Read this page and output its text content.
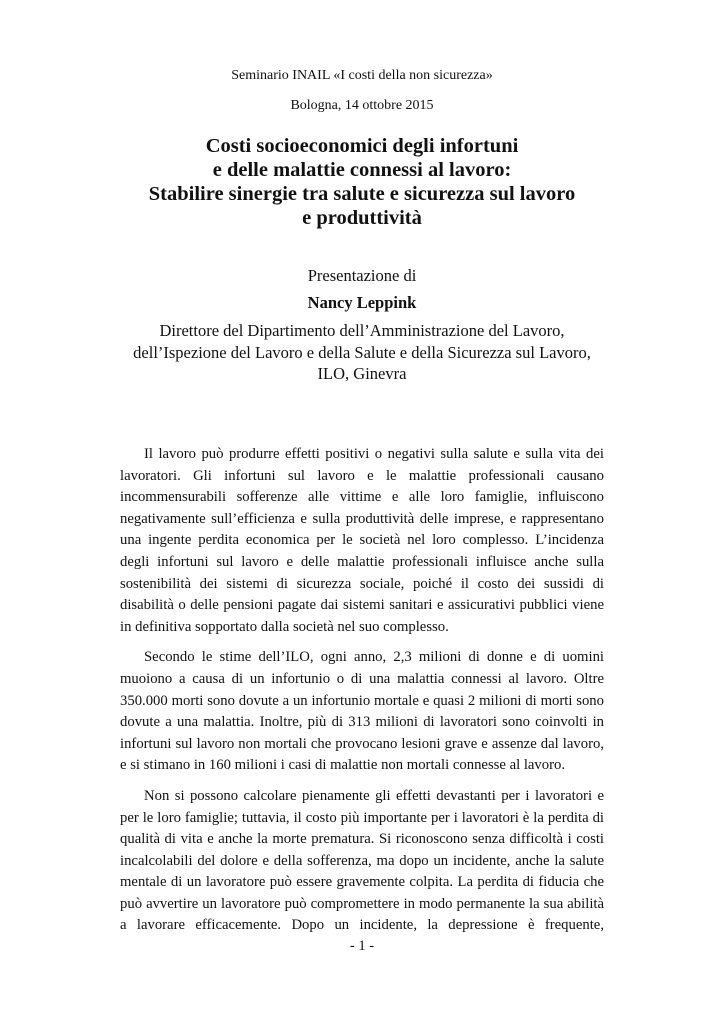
Seminario INAIL «I costi della non sicurezza»
Bologna, 14 ottobre 2015
Costi socioeconomici degli infortuni
e delle malattie connessi al lavoro:
Stabilire sinergie tra salute e sicurezza sul lavoro
e produttività
Presentazione di
Nancy Leppink
Direttore del Dipartimento dell’Amministrazione del Lavoro,
dell’Ispezione del Lavoro e della Salute e della Sicurezza sul Lavoro,
ILO, Ginevra

Il lavoro può produrre effetti positivi o negativi sulla salute e sulla vita dei lavoratori. Gli infortuni sul lavoro e le malattie professionali causano incommensurabili sofferenze alle vittime e alle loro famiglie, influiscono negativamente sull’efficienza e sulla produttività delle imprese, e rappresentano una ingente perdita economica per le società nel loro complesso. L’incidenza degli infortuni sul lavoro e delle malattie professionali influisce anche sulla sostenibilità dei sistemi di sicurezza sociale, poiché il costo dei sussidi di disabilità o delle pensioni pagate dai sistemi sanitari e assicurativi pubblici viene in definitiva sopportato dalla società nel suo complesso.

Secondo le stime dell’ILO, ogni anno, 2,3 milioni di donne e di uomini muoiono a causa di un infortunio o di una malattia connessi al lavoro. Oltre 350.000 morti sono dovute a un infortunio mortale e quasi 2 milioni di morti sono dovute a una malattia. Inoltre, più di 313 milioni di lavoratori sono coinvolti in infortuni sul lavoro non mortali che provocano lesioni grave e assenze dal lavoro, e si stimano in 160 milioni i casi di malattie non mortali connesse al lavoro.

Non si possono calcolare pienamente gli effetti devastanti per i lavoratori e per le loro famiglie; tuttavia, il costo più importante per i lavoratori è la perdita di qualità di vita e anche la morte prematura. Si riconoscono senza difficoltà i costi incalcolabili del dolore e della sofferenza, ma dopo un incidente, anche la salute mentale di un lavoratore può essere gravemente colpita. La perdita di fiducia che può avvertire un lavoratore può compromettere in modo permanente la sua abilità a lavorare efficacemente. Dopo un incidente, la depressione è frequente,

- 1 -
